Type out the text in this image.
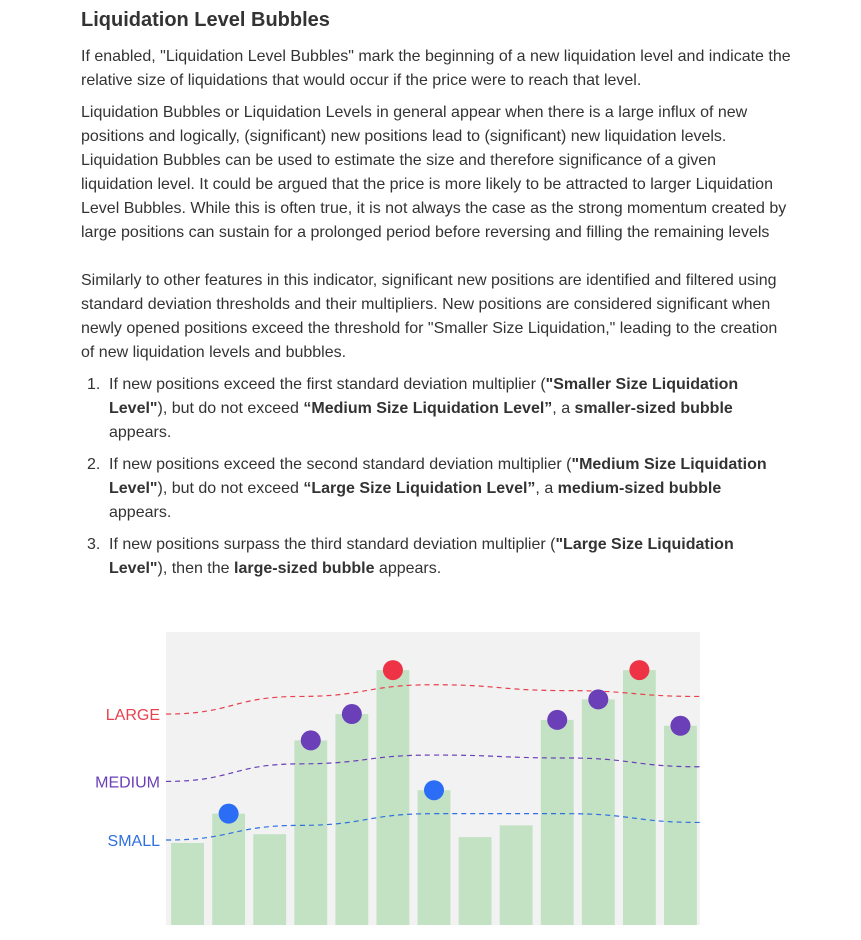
Liquidation Level Bubbles

If enabled, "Liquidation Level Bubbles" mark the beginning of a new liquidation level and indicate the relative size of liquidations that would occur if the price were to reach that level.

Liquidation Bubbles or Liquidation Levels in general appear when there is a large influx of new positions and logically, (significant) new positions lead to (significant) new liquidation levels. Liquidation Bubbles can be used to estimate the size and therefore significance of a given liquidation level. It could be argued that the price is more likely to be attracted to larger Liquidation Level Bubbles. While this is often true, it is not always the case as the strong momentum created by large positions can sustain for a prolonged period before reversing and filling the remaining levels

Similarly to other features in this indicator, significant new positions are identified and filtered using standard deviation thresholds and their multipliers. New positions are considered significant when newly opened positions exceed the threshold for "Smaller Size Liquidation," leading to the creation of new liquidation levels and bubbles.

1. If new positions exceed the first standard deviation multiplier ("Smaller Size Liquidation Level"), but do not exceed “Medium Size Liquidation Level”, a smaller-sized bubble appears.
2. If new positions exceed the second standard deviation multiplier ("Medium Size Liquidation Level"), but do not exceed “Large Size Liquidation Level”, a medium-sized bubble appears.
3. If new positions surpass the third standard deviation multiplier ("Large Size Liquidation Level"), then the large-sized bubble appears.
LARGE
MEDIUM
SMALL
